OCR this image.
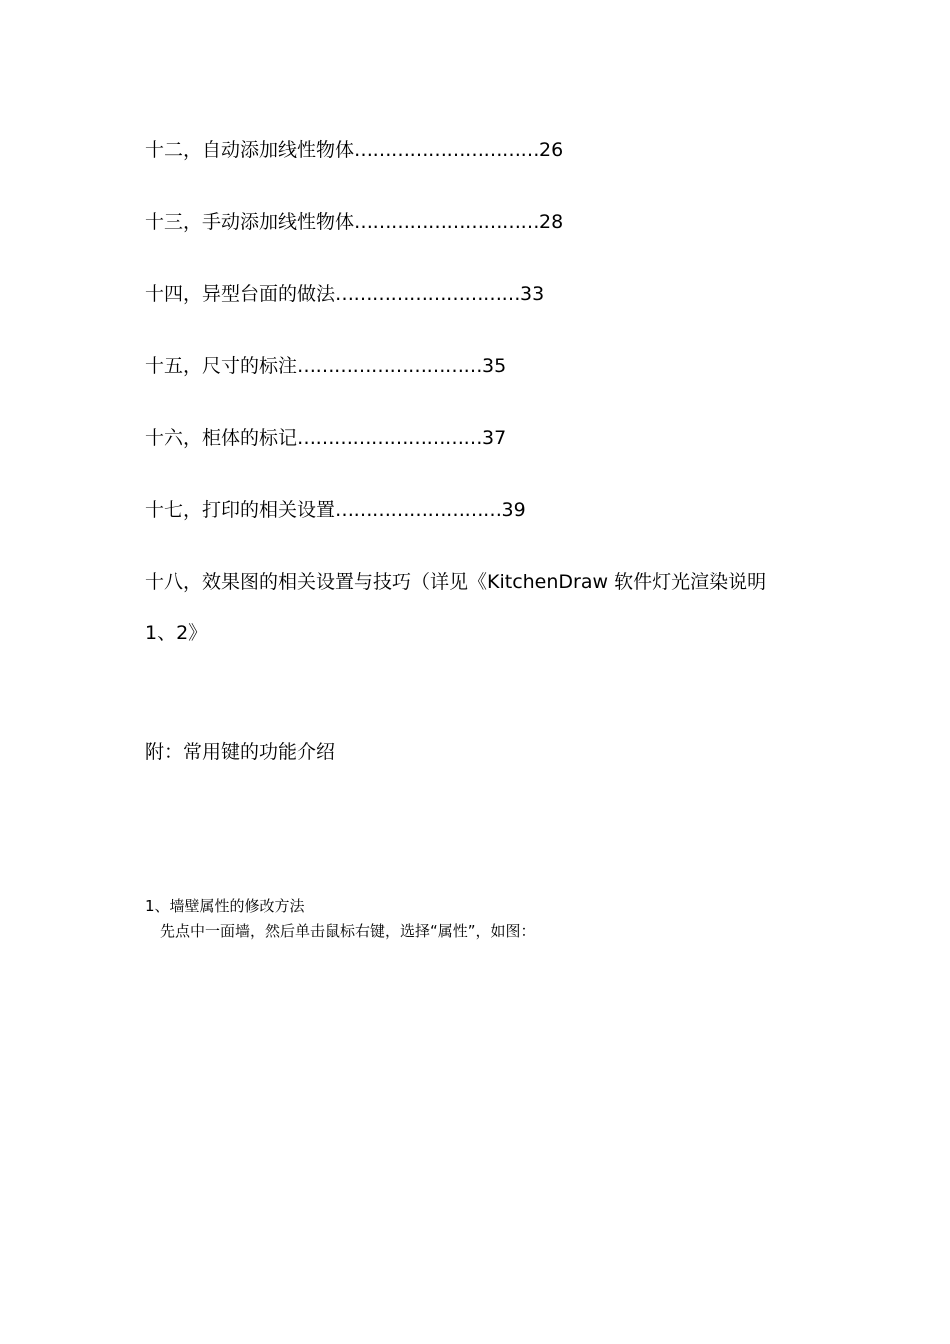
十二，自动添加线性物体…………………………26
十三，手动添加线性物体…………………………28
十四，异型台面的做法…………………………33
十五，尺寸的标注…………………………35
十六，柜体的标记…………………………37
十七，打印的相关设置………………………39
十八，效果图的相关设置与技巧（详见《KitchenDraw 软件灯光渲染说明
1、2》
附：常用键的功能介绍
1、墙壁属性的修改方法
先点中一面墙，然后单击鼠标右键，选择“属性”，如图：
